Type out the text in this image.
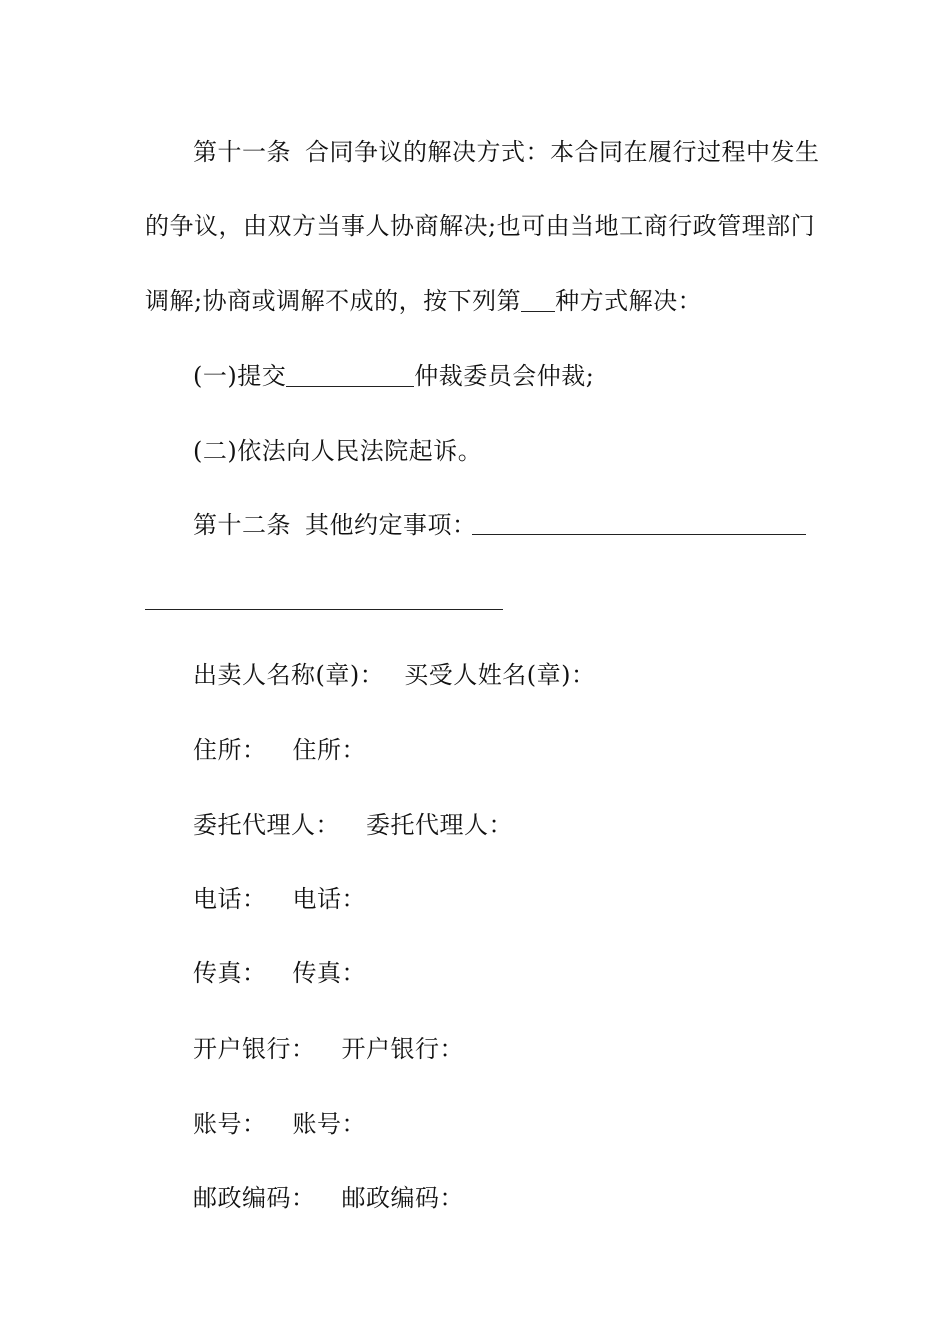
第十一条 合同争议的解决方式：本合同在履行过程中发生
的争议，由双方当事人协商解决;也可由当地工商行政管理部门
调解;协商或调解不成的，按下列第 种方式解决：
(一)提交	仲裁委员会仲裁;
(二)依法向人民法院起诉。
第十二条 其他约定事项：
出卖人名称(章)： 买受人姓名(章)：
住所： 住所：
委托代理人： 委托代理人：
电话： 电话：
传真： 传真：
开户银行： 开户银行：
账号： 账号：
邮政编码： 邮政编码：
